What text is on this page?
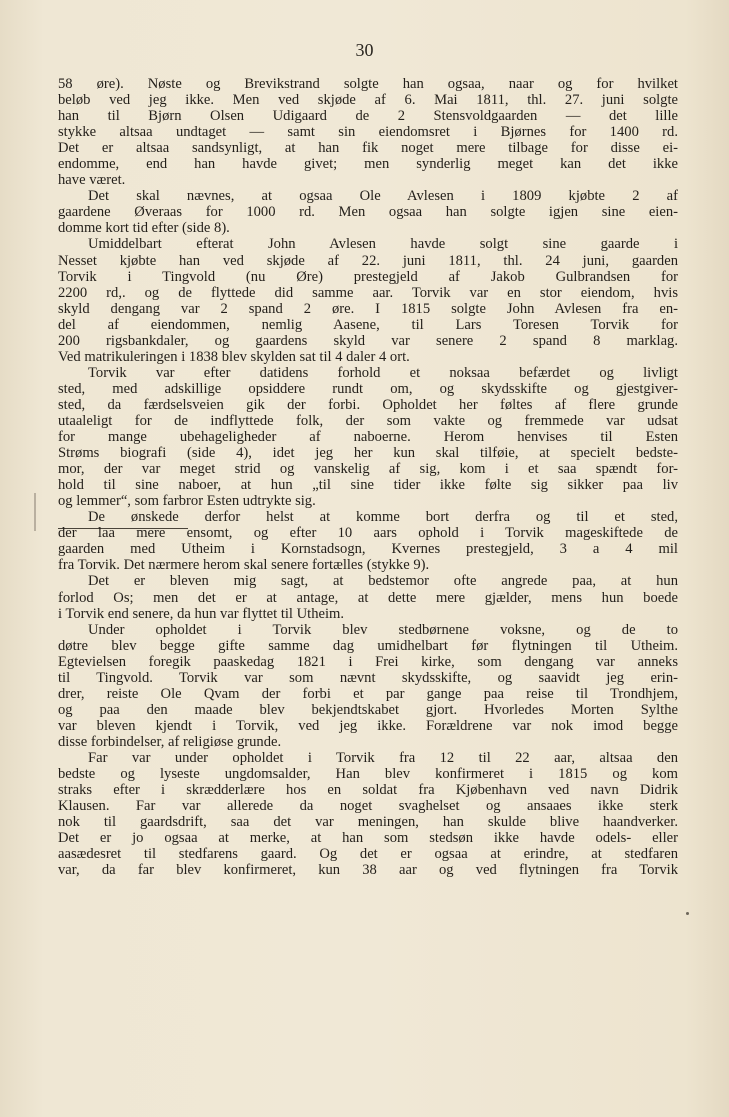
30
58 øre). Nøste og Brevikstrand solgte han ogsaa, naar og for hvilket
beløb ved jeg ikke. Men ved skjøde af 6. Mai 1811, thl. 27. juni solgte
han til Bjørn Olsen Udigaard de 2 Stensvoldgaarden — det lille
stykke altsaa undtaget — samt sin eiendomsret i Bjørnes for 1400 rd.
Det er altsaa sandsynligt, at han fik noget mere tilbage for disse ei-
endomme, end han havde givet; men synderlig meget kan det ikke
have været.
Det skal nævnes, at ogsaa Ole Avlesen i 1809 kjøbte 2 af
gaardene Øveraas for 1000 rd. Men ogsaa han solgte igjen sine eien-
domme kort tid efter (side 8).
Umiddelbart efterat John Avlesen havde solgt sine gaarde i
Nesset kjøbte han ved skjøde af 22. juni 1811, thl. 24 juni, gaarden
Torvik i Tingvold (nu Øre) prestegjeld af Jakob Gulbrandsen for
2200 rd,. og de flyttede did samme aar. Torvik var en stor eiendom, hvis
skyld dengang var 2 spand 2 øre. I 1815 solgte John Avlesen fra en-
del af eiendommen, nemlig Aasene, til Lars Toresen Torvik for
200 rigsbankdaler, og gaardens skyld var senere 2 spand 8 marklag.
Ved matrikuleringen i 1838 blev skylden sat til 4 daler 4 ort.
Torvik var efter datidens forhold et noksaa befærdet og livligt
sted, med adskillige opsiddere rundt om, og skydsskifte og gjestgiver-
sted, da færdselsveien gik der forbi. Opholdet her føltes af flere grunde
utaaleligt for de indflyttede folk, der som vakte og fremmede var udsat
for mange ubehageligheder af naboerne. Herom henvises til Esten
Strøms biografi (side 4), idet jeg her kun skal tilføie, at specielt bedste-
mor, der var meget strid og vanskelig af sig, kom i et saa spændt for-
hold til sine naboer, at hun „til sine tider ikke følte sig sikker paa liv
og lemmer“, som farbror Esten udtrykte sig.
De ønskede derfor helst at komme bort derfra og til et sted,
der laa mere ensomt, og efter 10 aars ophold i Torvik mageskiftede de
gaarden med Utheim i Kornstadsogn, Kvernes prestegjeld, 3 a 4 mil
fra Torvik. Det nærmere herom skal senere fortælles (stykke 9).
Det er bleven mig sagt, at bedstemor ofte angrede paa, at hun
forlod Os; men det er at antage, at dette mere gjælder, mens hun boede
i Torvik end senere, da hun var flyttet til Utheim.
Under opholdet i Torvik blev stedbørnene voksne, og de to
døtre blev begge gifte samme dag umidhelbart før flytningen til Utheim.
Egtevielsen foregik paaskedag 1821 i Frei kirke, som dengang var anneks
til Tingvold. Torvik var som nævnt skydsskifte, og saavidt jeg erin-
drer, reiste Ole Qvam der forbi et par gange paa reise til Trondhjem,
og paa den maade blev bekjendtskabet gjort. Hvorledes Morten Sylthe
var bleven kjendt i Torvik, ved jeg ikke. Forældrene var nok imod begge
disse forbindelser, af religiøse grunde.
Far var under opholdet i Torvik fra 12 til 22 aar, altsaa den
bedste og lyseste ungdomsalder, Han blev konfirmeret i 1815 og kom
straks efter i skrædderlære hos en soldat fra Kjøbenhavn ved navn Didrik
Klausen. Far var allerede da noget svaghelset og ansaaes ikke sterk
nok til gaardsdrift, saa det var meningen, han skulde blive haandverker.
Det er jo ogsaa at merke, at han som stedsøn ikke havde odels- eller
aasædesret til stedfarens gaard. Og det er ogsaa at erindre, at stedfaren
var, da far blev konfirmeret, kun 38 aar og ved flytningen fra Torvik
